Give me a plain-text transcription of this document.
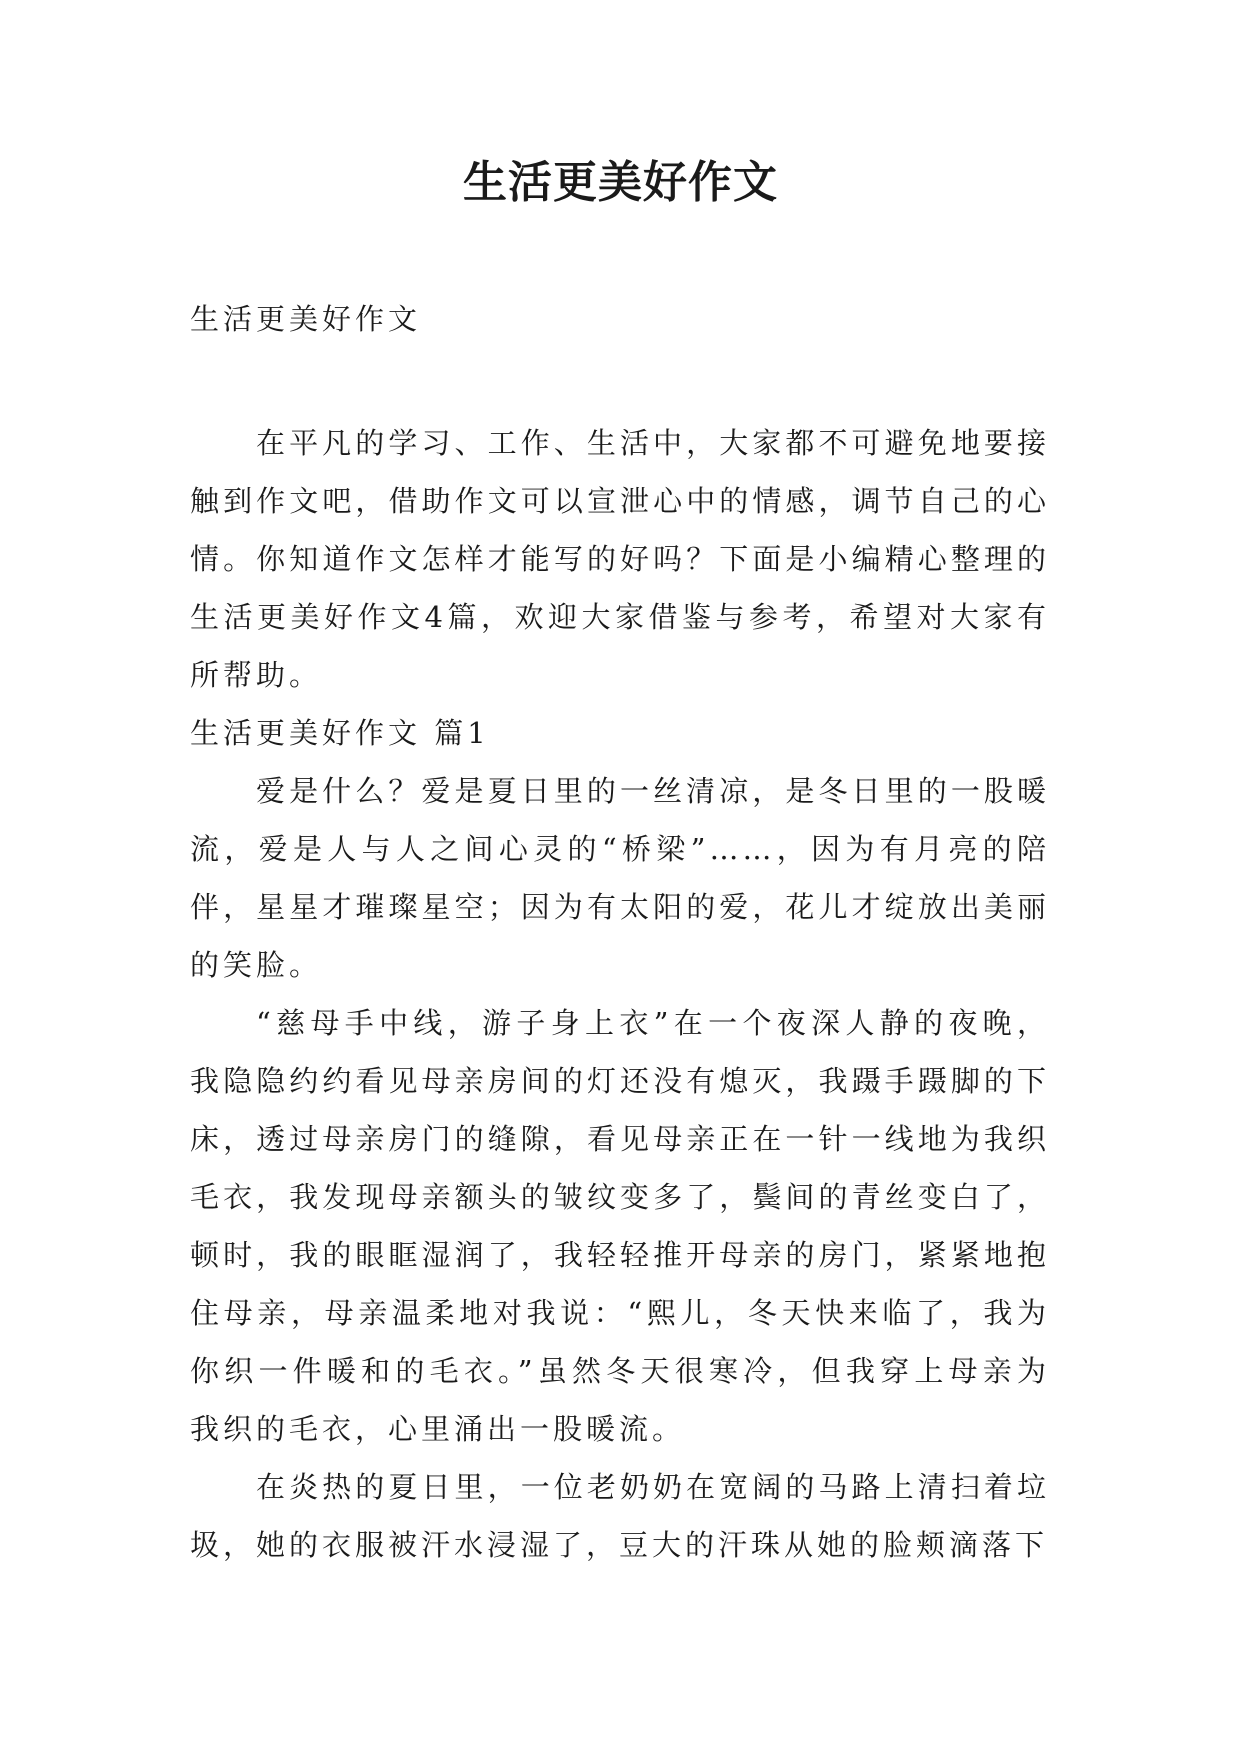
生活更美好作文

生活更美好作文

在平凡的学习、工作、生活中，大家都不可避免地要接触到作文吧，借助作文可以宣泄心中的情感，调节自己的心情。你知道作文怎样才能写的好吗？下面是小编精心整理的生活更美好作文4篇，欢迎大家借鉴与参考，希望对大家有所帮助。

生活更美好作文 篇1

爱是什么？爱是夏日里的一丝清凉，是冬日里的一股暖流，爱是人与人之间心灵的“桥梁”……，因为有月亮的陪伴，星星才璀璨星空；因为有太阳的爱，花儿才绽放出美丽的笑脸。

“慈母手中线，游子身上衣”在一个夜深人静的夜晚，我隐隐约约看见母亲房间的灯还没有熄灭，我蹑手蹑脚的下床，透过母亲房门的缝隙，看见母亲正在一针一线地为我织毛衣，我发现母亲额头的皱纹变多了，鬓间的青丝变白了，顿时，我的眼眶湿润了，我轻轻推开母亲的房门，紧紧地抱住母亲，母亲温柔地对我说：“熙儿，冬天快来临了，我为你织一件暖和的毛衣。”虽然冬天很寒冷，但我穿上母亲为我织的毛衣，心里涌出一股暖流。

在炎热的夏日里，一位老奶奶在宽阔的马路上清扫着垃圾，她的衣服被汗水浸湿了，豆大的汗珠从她的脸颊滴落下
